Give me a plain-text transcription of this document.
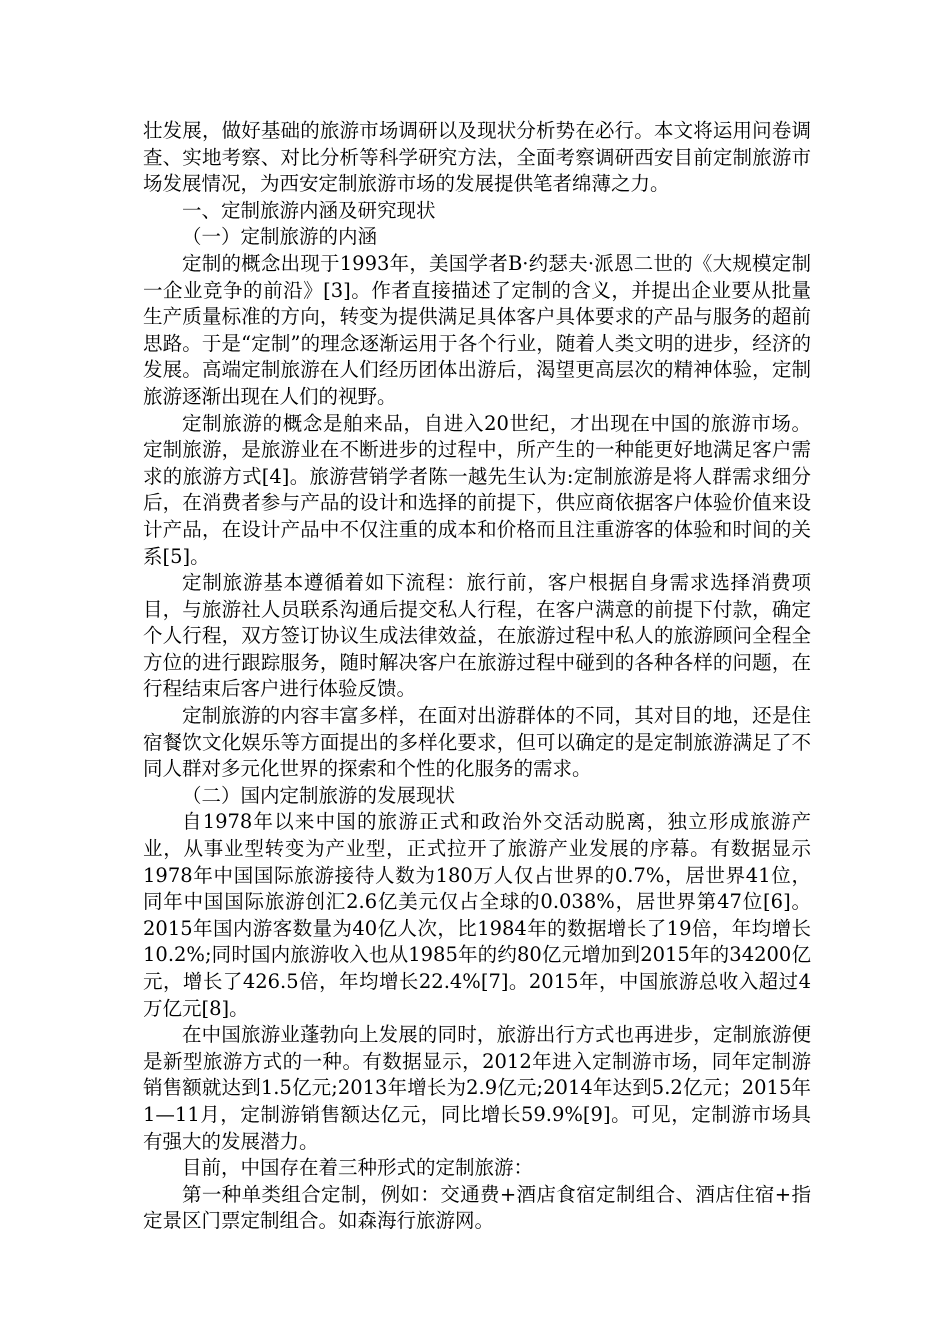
壮发展，做好基础的旅游市场调研以及现状分析势在必行。本文将运用问卷调查、实地考察、对比分析等科学研究方法，全面考察调研西安目前定制旅游市场发展情况，为西安定制旅游市场的发展提供笔者绵薄之力。

一、定制旅游内涵及研究现状

（一）定制旅游的内涵

定制的概念出现于1993年，美国学者B·约瑟夫·派恩二世的《大规模定制一企业竞争的前沿》[3]。作者直接描述了定制的含义，并提出企业要从批量生产质量标准的方向，转变为提供满足具体客户具体要求的产品与服务的超前思路。于是“定制”的理念逐渐运用于各个行业，随着人类文明的进步，经济的发展。高端定制旅游在人们经历团体出游后，渴望更高层次的精神体验，定制旅游逐渐出现在人们的视野。

定制旅游的概念是舶来品，自进入20世纪，才出现在中国的旅游市场。定制旅游，是旅游业在不断进步的过程中，所产生的一种能更好地满足客户需求的旅游方式[4]。旅游营销学者陈一越先生认为:定制旅游是将人群需求细分后，在消费者参与产品的设计和选择的前提下，供应商依据客户体验价值来设计产品，在设计产品中不仅注重的成本和价格而且注重游客的体验和时间的关系[5]。

定制旅游基本遵循着如下流程：旅行前，客户根据自身需求选择消费项目，与旅游社人员联系沟通后提交私人行程，在客户满意的前提下付款，确定个人行程，双方签订协议生成法律效益，在旅游过程中私人的旅游顾问全程全方位的进行跟踪服务，随时解决客户在旅游过程中碰到的各种各样的问题，在行程结束后客户进行体验反馈。

定制旅游的内容丰富多样，在面对出游群体的不同，其对目的地，还是住宿餐饮文化娱乐等方面提出的多样化要求，但可以确定的是定制旅游满足了不同人群对多元化世界的探索和个性的化服务的需求。

（二）国内定制旅游的发展现状

自1978年以来中国的旅游正式和政治外交活动脱离，独立形成旅游产业，从事业型转变为产业型，正式拉开了旅游产业发展的序幕。有数据显示1978年中国国际旅游接待人数为180万人仅占世界的0.7%，居世界41位，同年中国国际旅游创汇2.6亿美元仅占全球的0.038%，居世界第47位[6]。2015年国内游客数量为40亿人次，比1984年的数据增长了19倍，年均增长10.2%;同时国内旅游收入也从1985年的约80亿元增加到2015年的34200亿元，增长了426.5倍，年均增长22.4%[7]。2015年，中国旅游总收入超过4万亿元[8]。

在中国旅游业蓬勃向上发展的同时，旅游出行方式也再进步，定制旅游便是新型旅游方式的一种。有数据显示，2012年进入定制游市场，同年定制游销售额就达到1.5亿元;2013年增长为2.9亿元;2014年达到5.2亿元；2015年1—11月，定制游销售额达亿元，同比增长59.9%[9]。可见，定制游市场具有强大的发展潜力。

目前，中国存在着三种形式的定制旅游：

第一种单类组合定制，例如：交通费+酒店食宿定制组合、酒店住宿+指定景区门票定制组合。如森海行旅游网。
